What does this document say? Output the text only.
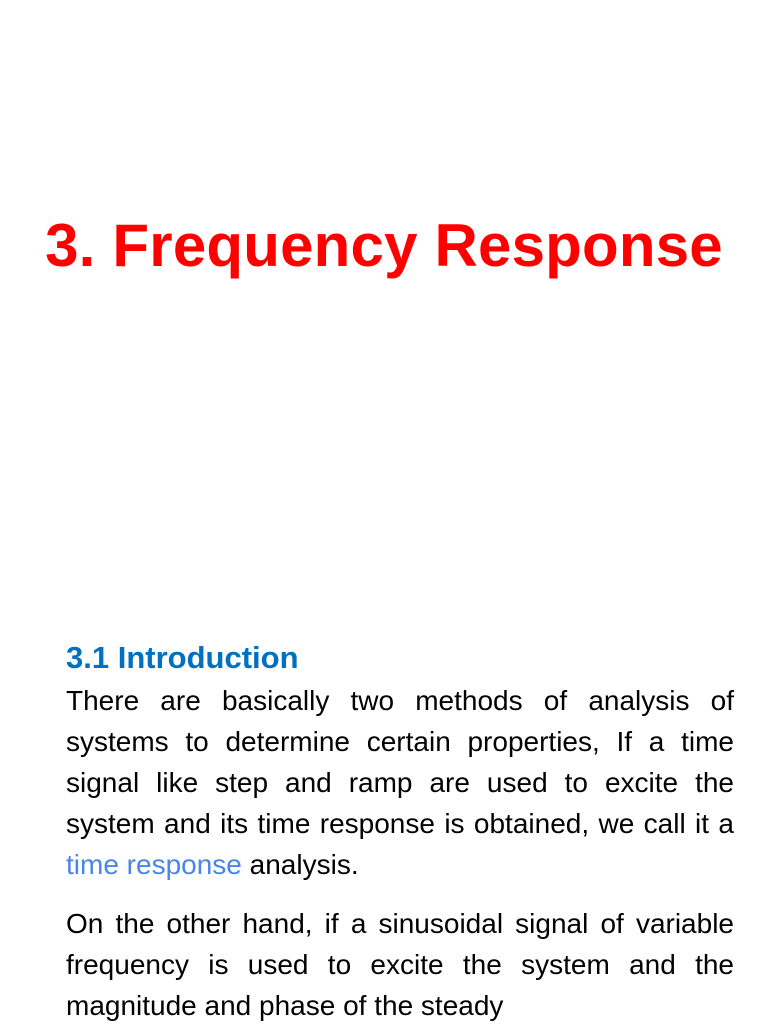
3. Frequency Response
3.1 Introduction

There are basically two methods of analysis of systems to determine certain properties, If a time signal like step and ramp are used to excite the system and its time response is obtained, we call it a time response analysis.

On the other hand, if a sinusoidal signal of variable frequency is used to excite the system and the magnitude and phase of the steady
